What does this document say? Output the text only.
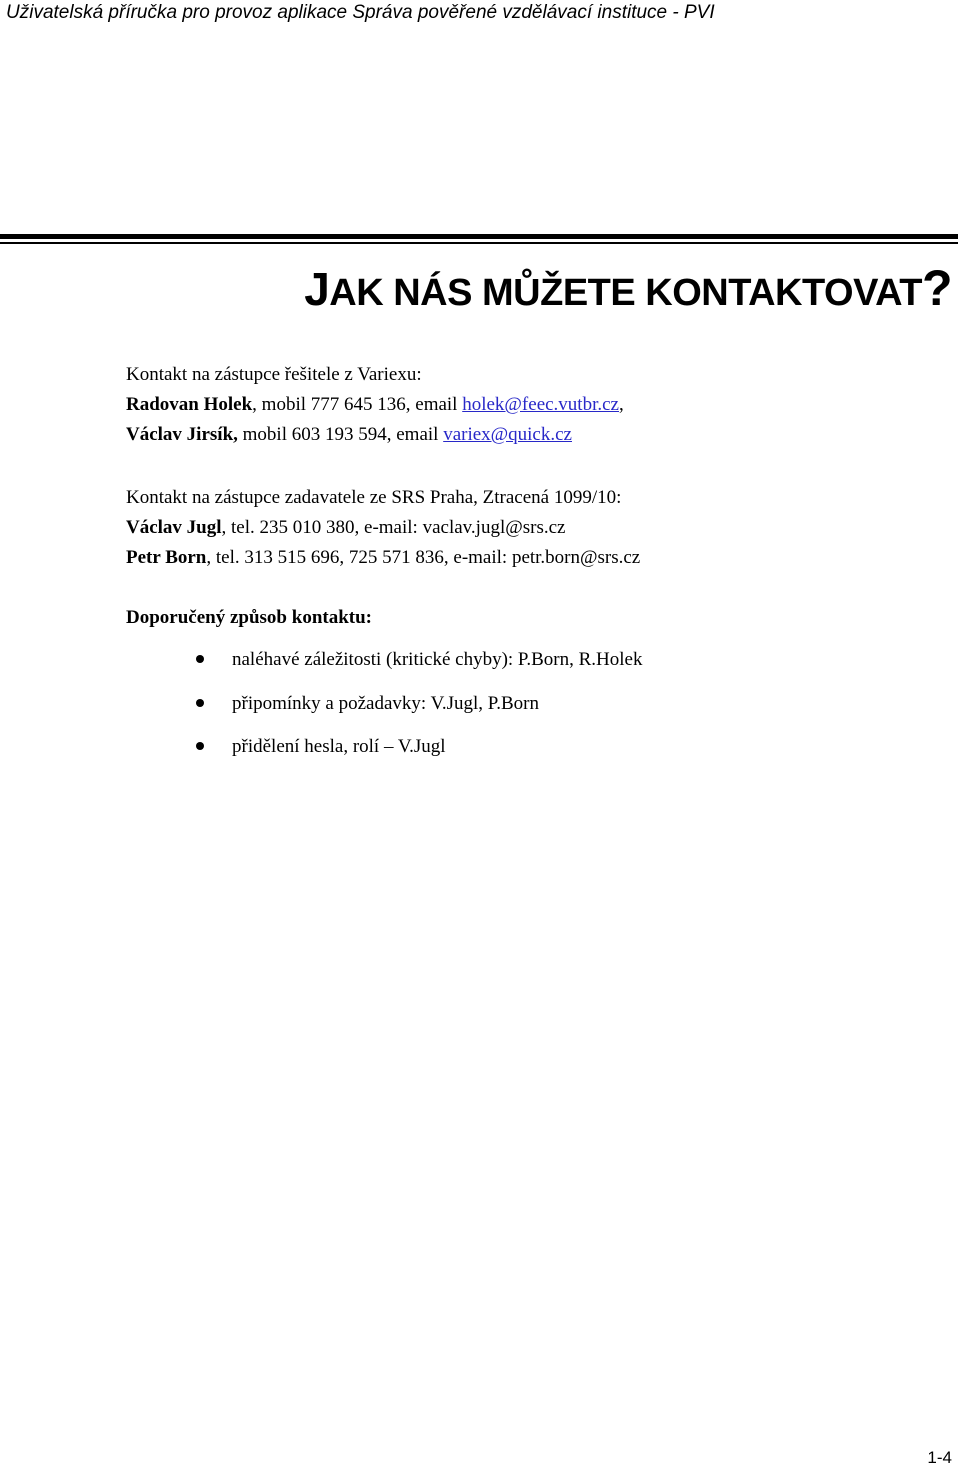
Uživatelská příručka pro provoz aplikace Správa pověřené vzdělávací instituce - PVI
JAK NÁS MŮŽETE KONTAKTOVAT?
Kontakt na zástupce řešitele z Variexu:
Radovan Holek, mobil 777 645 136, email holek@feec.vutbr.cz,
Václav Jirsík, mobil 603 193 594, email variex@quick.cz
Kontakt na zástupce zadavatele ze SRS Praha, Ztracená 1099/10:
Václav Jugl, tel. 235 010 380, e-mail: vaclav.jugl@srs.cz
Petr Born, tel. 313 515 696, 725 571 836, e-mail: petr.born@srs.cz
Doporučený způsob kontaktu:
naléhavé záležitosti (kritické chyby): P.Born, R.Holek
připomínky a požadavky: V.Jugl, P.Born
přidělení hesla, rolí – V.Jugl
1-4
